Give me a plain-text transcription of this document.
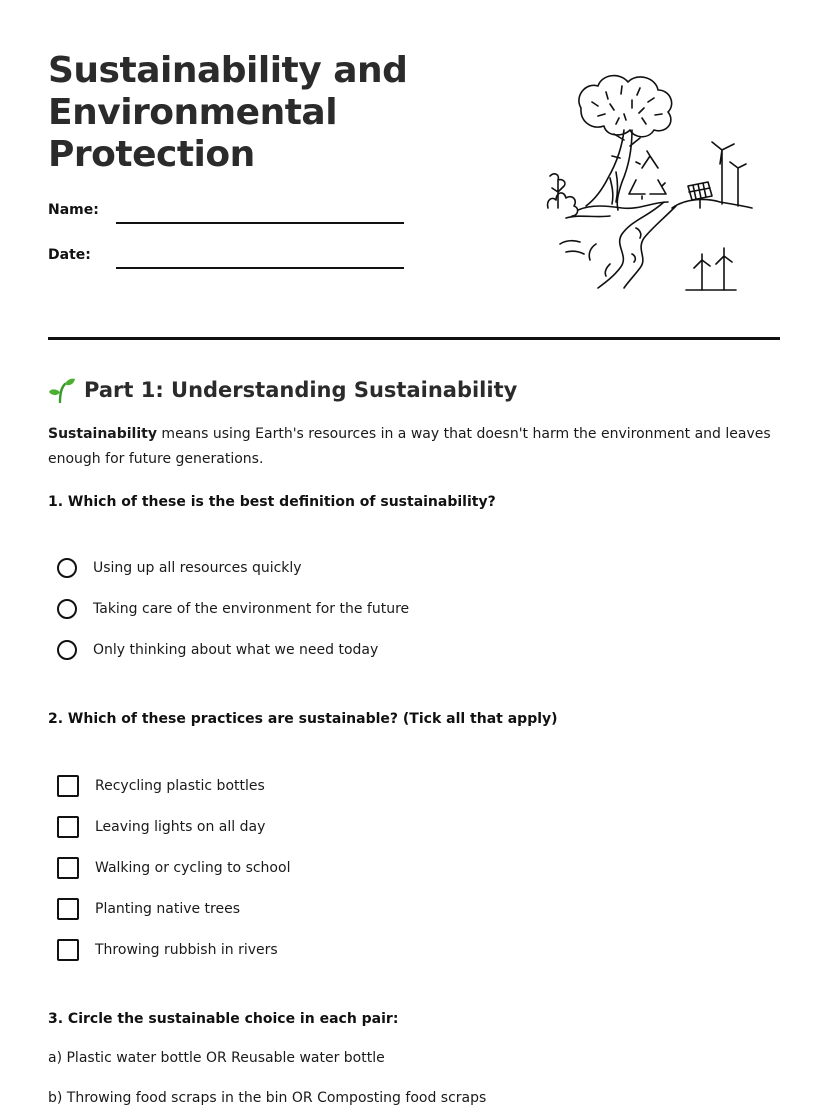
Sustainability and Environmental Protection
Name:
Date:
Part 1: Understanding Sustainability

Sustainability means using Earth's resources in a way that doesn't harm the environment and leaves enough for future generations.

1. Which of these is the best definition of sustainability?

Using up all resources quickly
Taking care of the environment for the future
Only thinking about what we need today

2. Which of these practices are sustainable? (Tick all that apply)

Recycling plastic bottles
Leaving lights on all day
Walking or cycling to school
Planting native trees
Throwing rubbish in rivers

3. Circle the sustainable choice in each pair:

a) Plastic water bottle OR Reusable water bottle

b) Throwing food scraps in the bin OR Composting food scraps
